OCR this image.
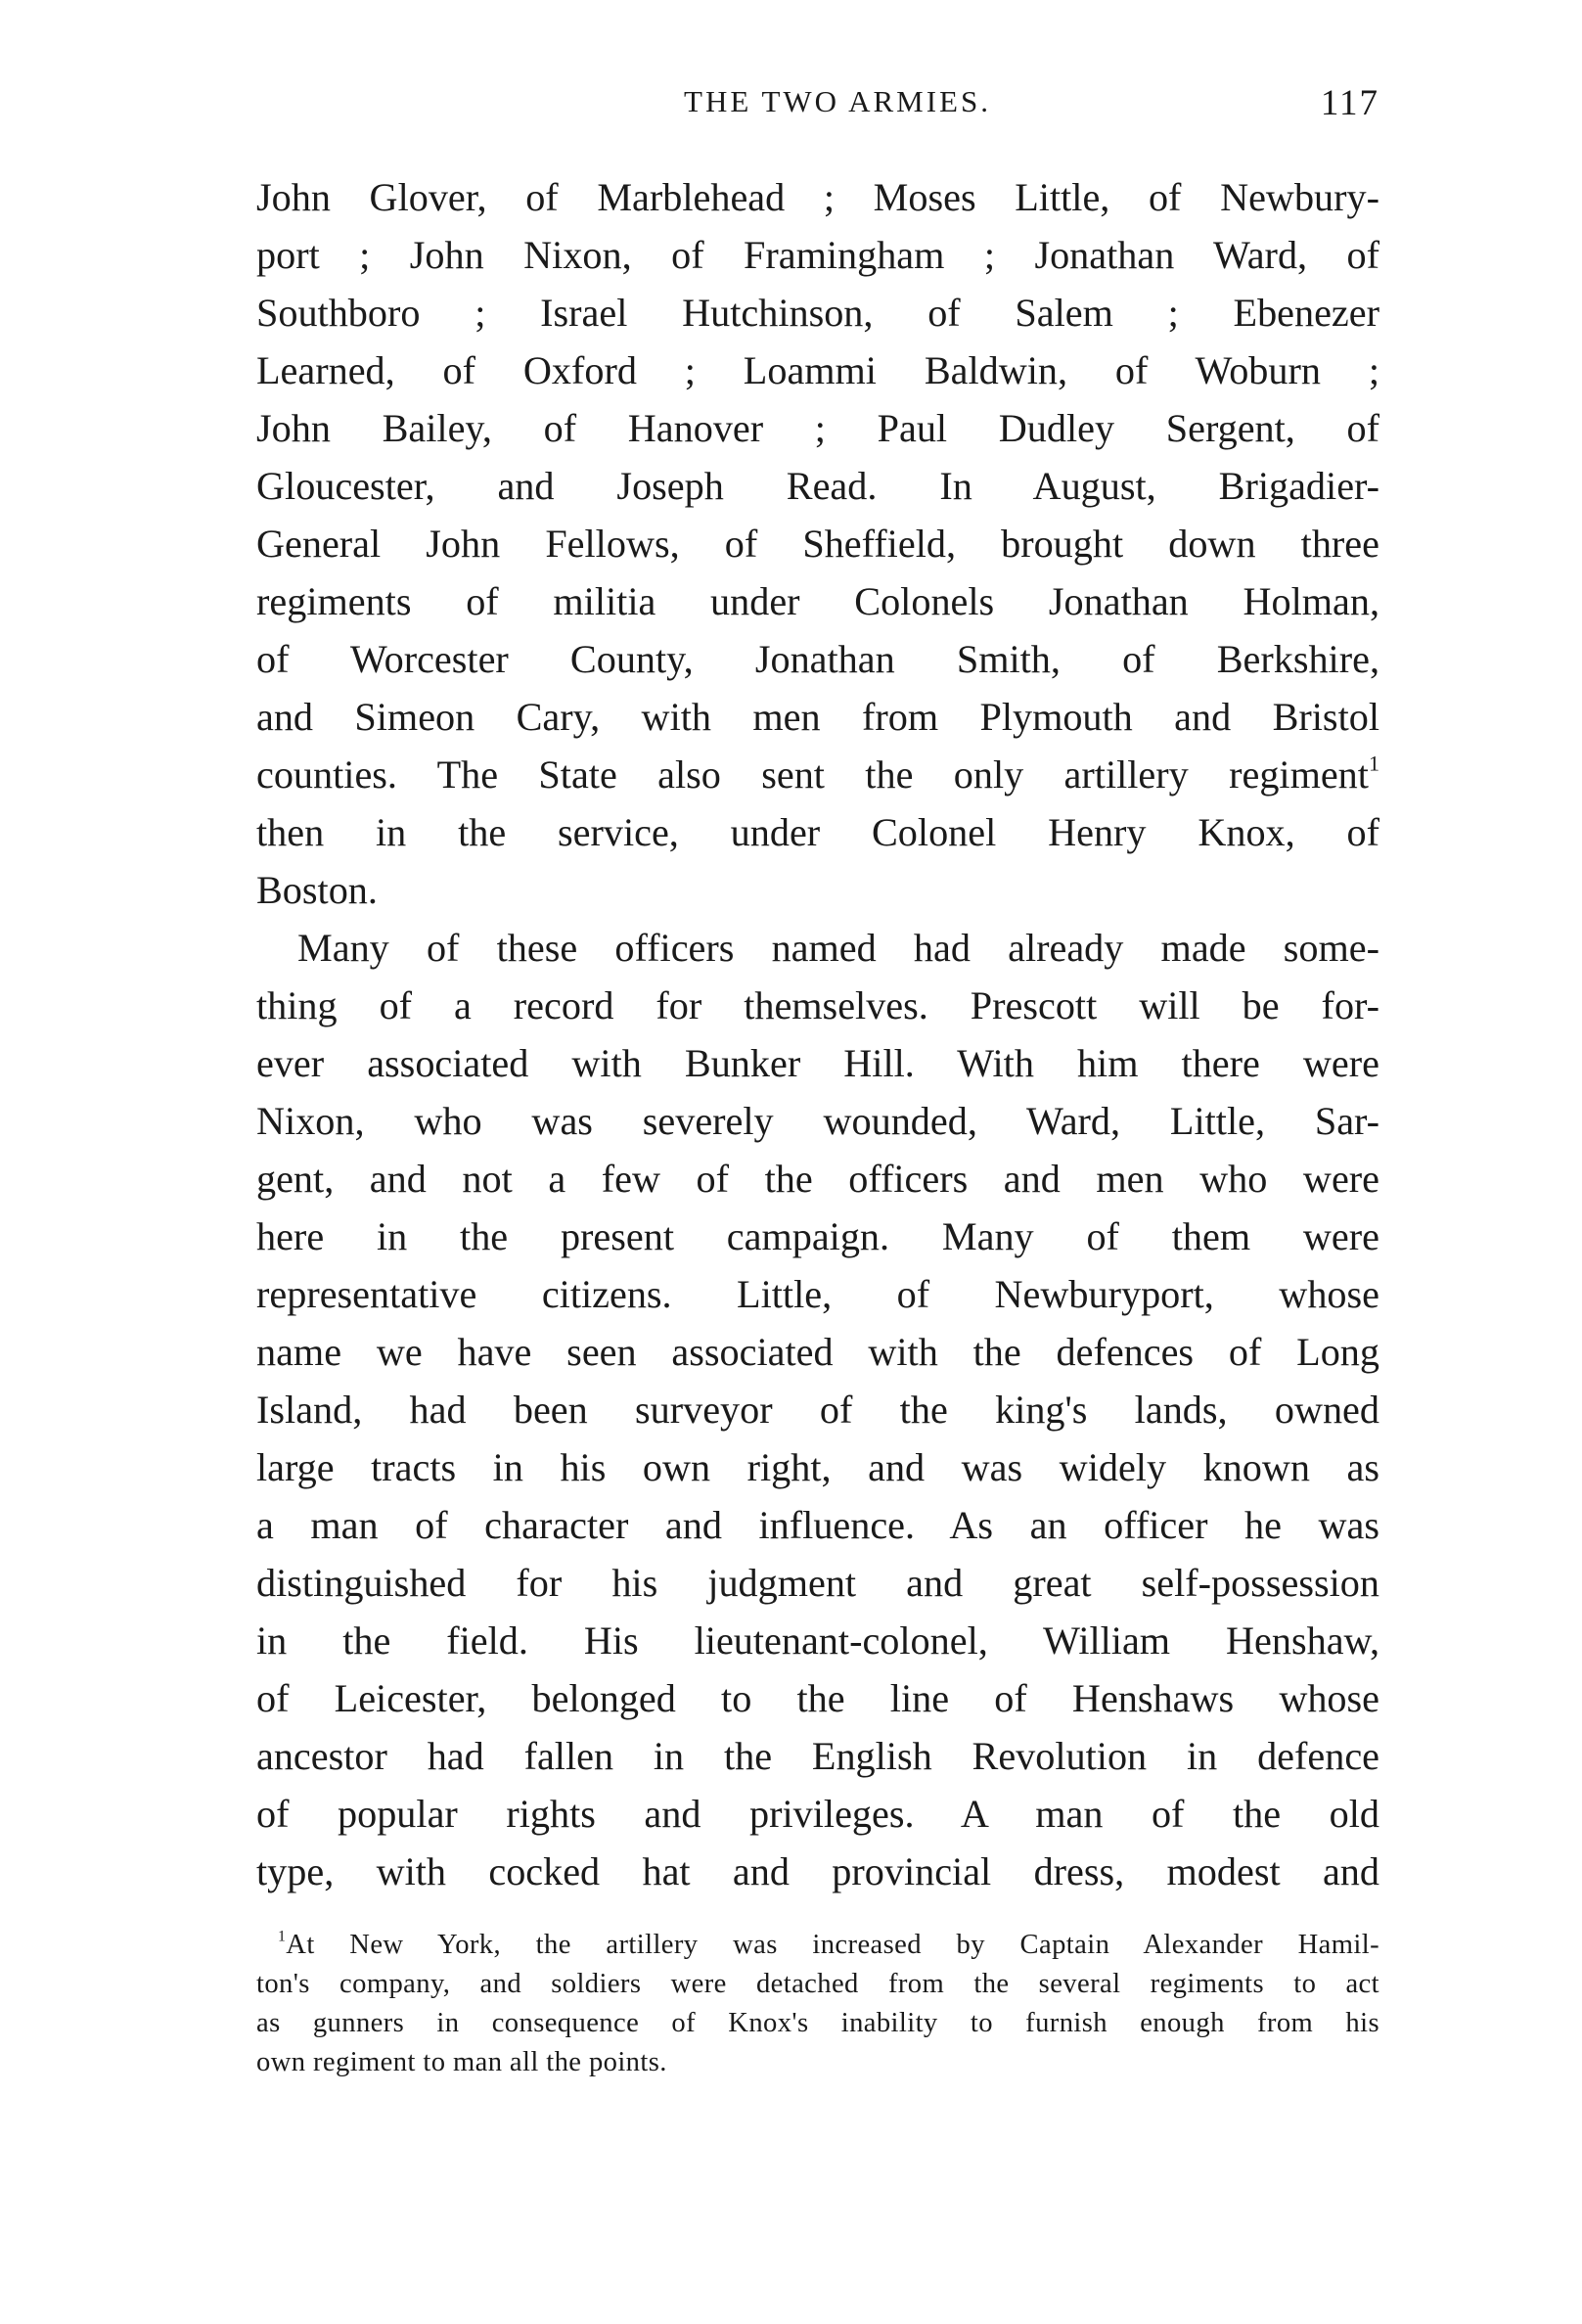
THE TWO ARMIES.	117
John Glover, of Marblehead ; Moses Little, of Newbury-
port ; John Nixon, of Framingham ; Jonathan Ward, of
Southboro ; Israel Hutchinson, of Salem ; Ebenezer
Learned, of Oxford ; Loammi Baldwin, of Woburn ;
John Bailey, of Hanover ; Paul Dudley Sergent, of
Gloucester, and Joseph Read. In August, Brigadier-
General John Fellows, of Sheffield, brought down three
regiments of militia under Colonels Jonathan Holman,
of Worcester County, Jonathan Smith, of Berkshire,
and Simeon Cary, with men from Plymouth and Bristol
counties. The State also sent the only artillery regiment$^1$
then in the service, under Colonel Henry Knox, of
Boston.
Many of these officers named had already made some-
thing of a record for themselves. Prescott will be for-
ever associated with Bunker Hill. With him there were
Nixon, who was severely wounded, Ward, Little, Sar-
gent, and not a few of the officers and men who were
here in the present campaign. Many of them were
representative citizens. Little, of Newburyport, whose
name we have seen associated with the defences of Long
Island, had been surveyor of the king's lands, owned
large tracts in his own right, and was widely known as
a man of character and influence. As an officer he was
distinguished for his judgment and great self-possession
in the field. His lieutenant-colonel, William Henshaw,
of Leicester, belonged to the line of Henshaws whose
ancestor had fallen in the English Revolution in defence
of popular rights and privileges. A man of the old
type, with cocked hat and provincial dress, modest and
$^1$At New York, the artillery was increased by Captain Alexander Hamil-
ton's company, and soldiers were detached from the several regiments to act
as gunners in consequence of Knox's inability to furnish enough from his
own regiment to man all the points.
